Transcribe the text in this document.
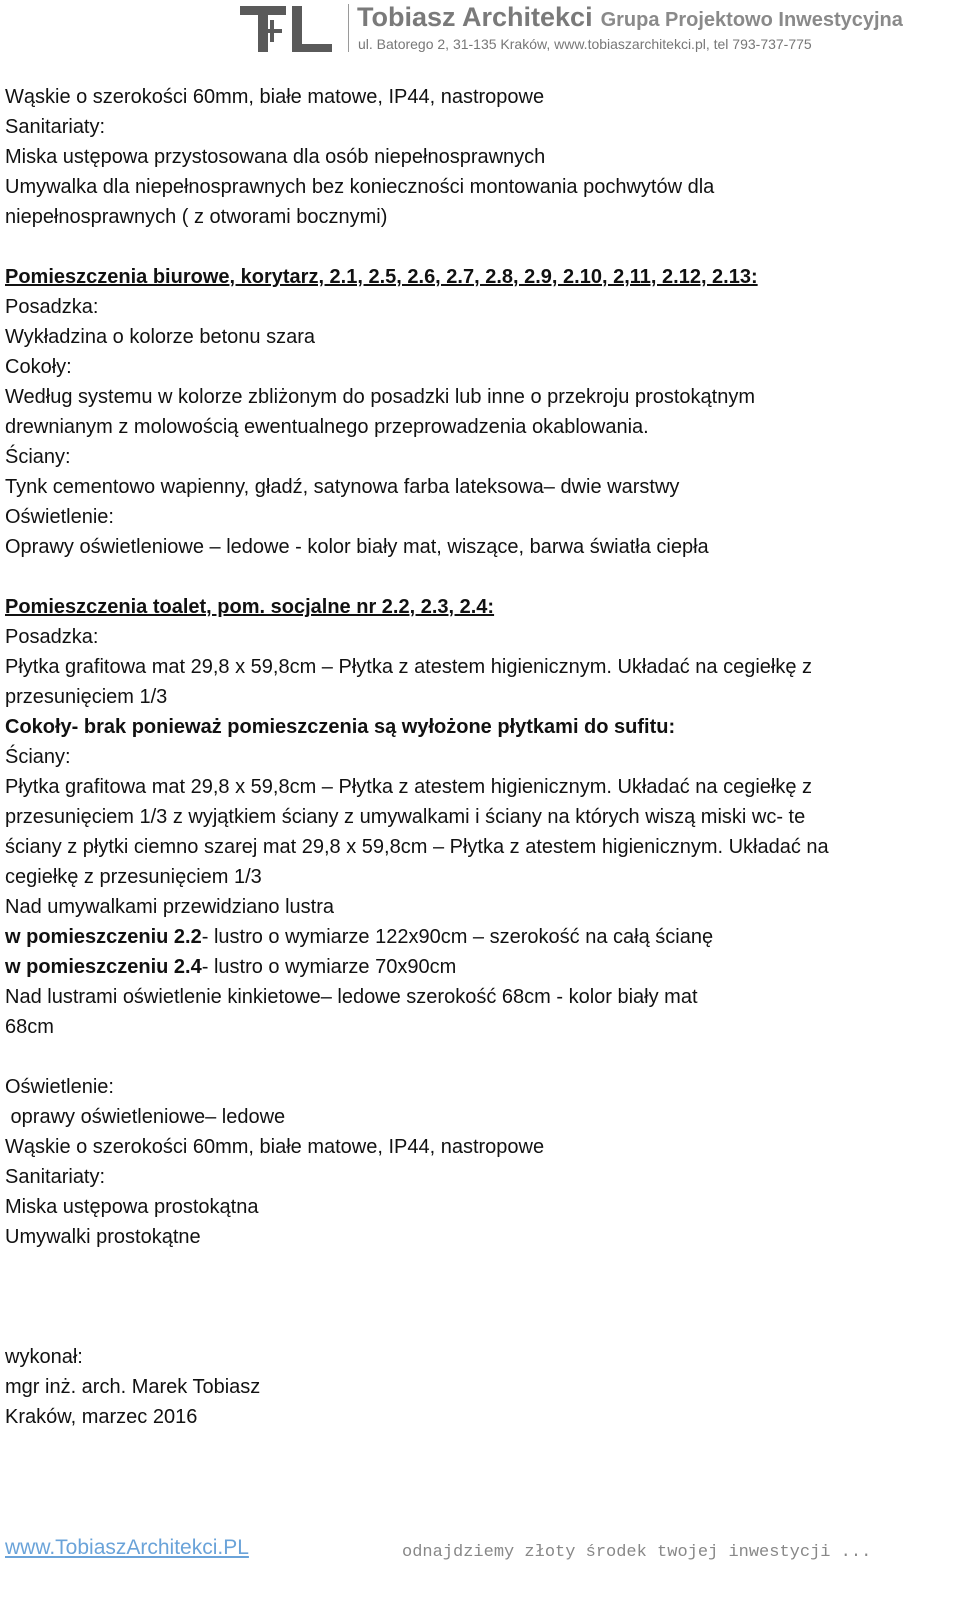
Tobiasz Architekci Grupa Projektowo Inwestycyjna
ul. Batorego 2, 31-135 Kraków, www.tobiaszarchitekci.pl, tel 793-737-775
Wąskie o szerokości 60mm, białe matowe, IP44, nastropowe
Sanitariaty:
Miska ustępowa przystosowana dla osób niepełnosprawnych
Umywalka dla niepełnosprawnych bez konieczności montowania pochwytów dla
niepełnosprawnych ( z otworami bocznymi)
Pomieszczenia biurowe, korytarz, 2.1, 2.5, 2.6, 2.7, 2.8, 2.9, 2.10, 2,11, 2.12, 2.13:
Posadzka:
Wykładzina o kolorze betonu szara
Cokoły:
Według systemu w kolorze zbliżonym do posadzki lub inne o przekroju prostokątnym
drewnianym z molowością ewentualnego przeprowadzenia okablowania.
Ściany:
Tynk cementowo wapienny, gładź, satynowa farba lateksowa– dwie warstwy
Oświetlenie:
Oprawy oświetleniowe – ledowe - kolor biały mat, wiszące, barwa światła ciepła
Pomieszczenia toalet, pom. socjalne nr 2.2, 2.3, 2.4:
Posadzka:
Płytka grafitowa mat 29,8 x 59,8cm – Płytka z atestem higienicznym. Układać na cegiełkę z
przesunięciem 1/3
Cokoły- brak ponieważ pomieszczenia są wyłożone płytkami do sufitu:
Ściany:
Płytka grafitowa mat 29,8 x 59,8cm – Płytka z atestem higienicznym. Układać na cegiełkę z
przesunięciem 1/3 z wyjątkiem ściany z umywalkami i ściany na których wiszą miski wc- te
ściany z płytki ciemno szarej mat 29,8 x 59,8cm – Płytka z atestem higienicznym. Układać na
cegiełkę z przesunięciem 1/3
Nad umywalkami przewidziano lustra
w pomieszczeniu 2.2- lustro o wymiarze 122x90cm – szerokość na całą ścianę
w pomieszczeniu 2.4- lustro o wymiarze 70x90cm
Nad lustrami oświetlenie kinkietowe– ledowe szerokość 68cm - kolor biały mat
68cm
Oświetlenie:
oprawy oświetleniowe– ledowe
Wąskie o szerokości 60mm, białe matowe, IP44, nastropowe
Sanitariaty:
Miska ustępowa prostokątna
Umywalki prostokątne
wykonał:
mgr inż. arch. Marek Tobiasz
Kraków, marzec 2016
www.TobiaszArchitekci.PL	odnajdziemy złoty środek twojej inwestycji ...
